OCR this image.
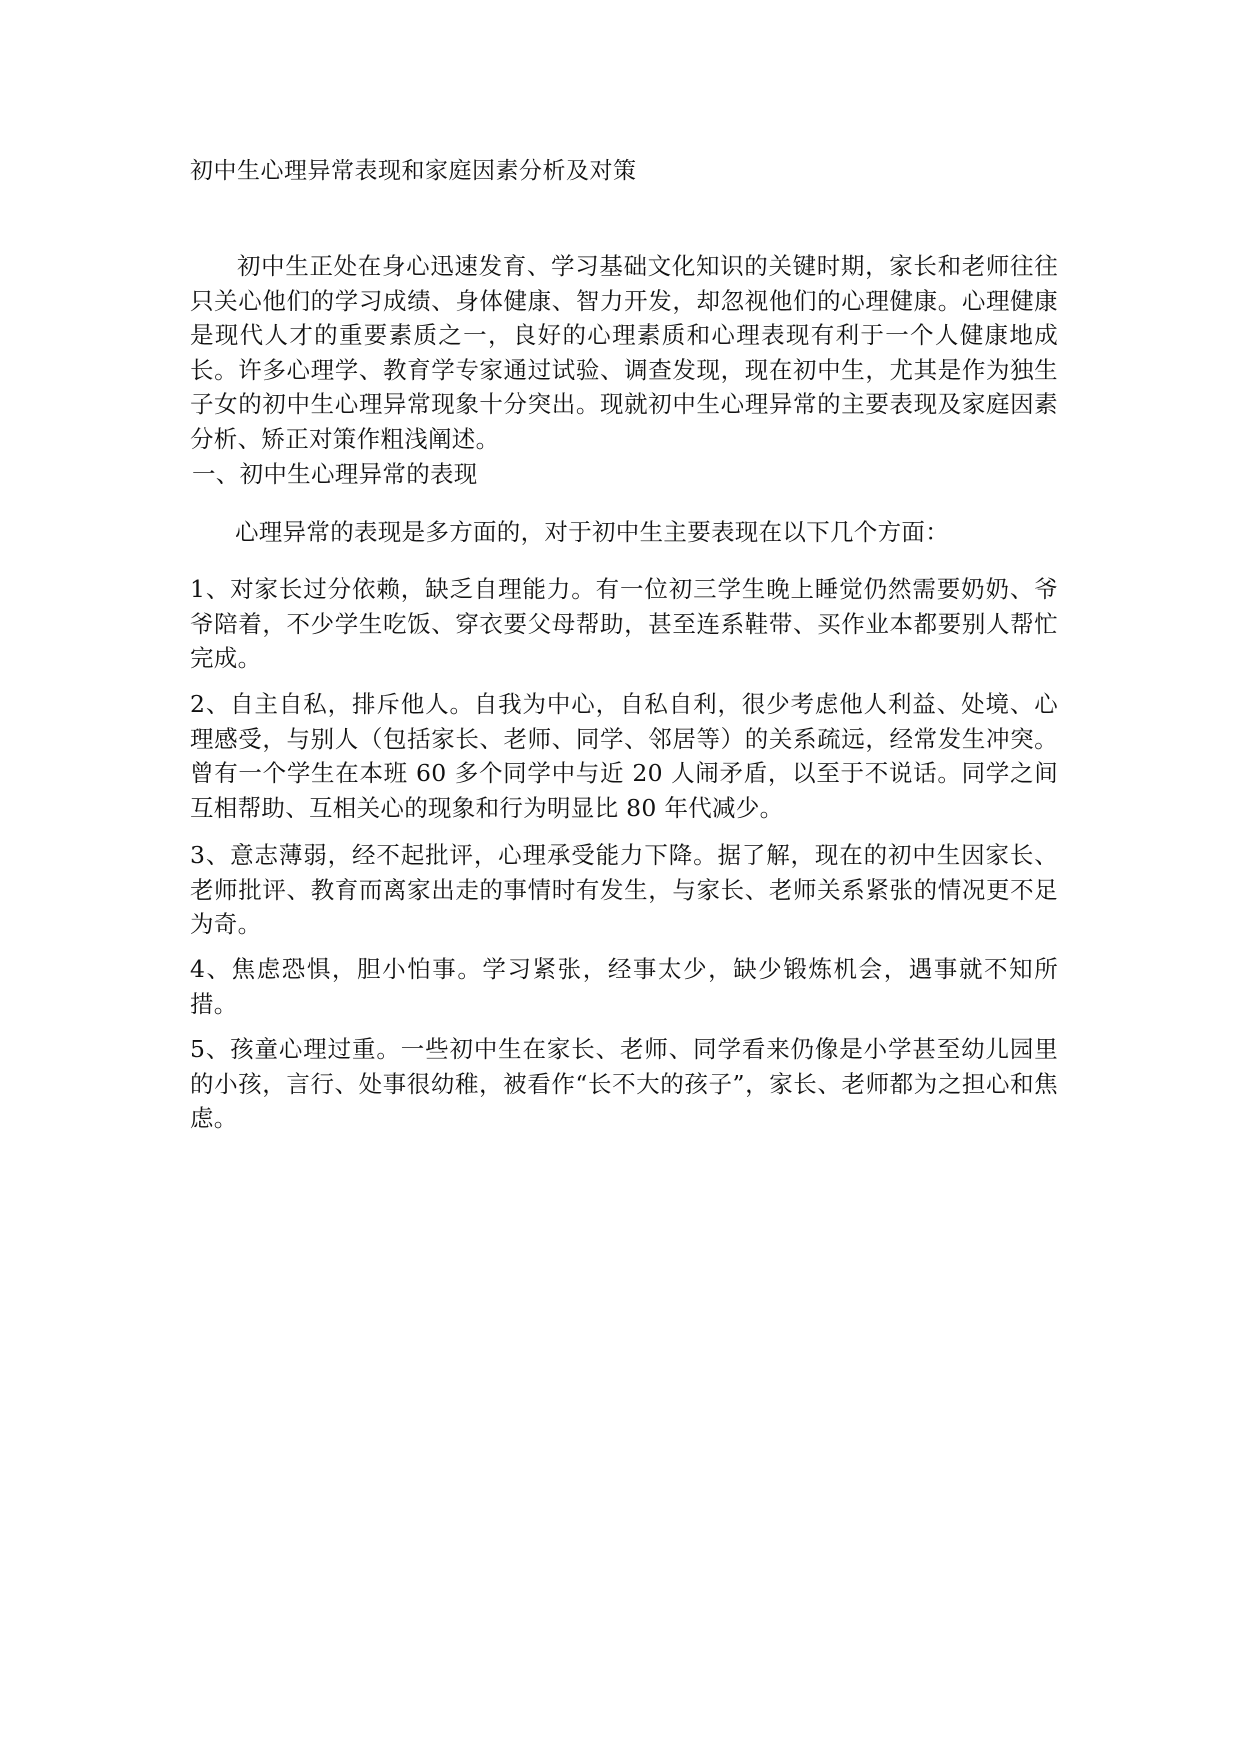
初中生心理异常表现和家庭因素分析及对策

初中生正处在身心迅速发育、学习基础文化知识的关键时期，家长和老师往往只关心他们的学习成绩、身体健康、智力开发，却忽视他们的心理健康。心理健康是现代人才的重要素质之一，良好的心理素质和心理表现有利于一个人健康地成长。许多心理学、教育学专家通过试验、调查发现，现在初中生，尤其是作为独生子女的初中生心理异常现象十分突出。现就初中生心理异常的主要表现及家庭因素分析、矫正对策作粗浅阐述。

一、初中生心理异常的表现

心理异常的表现是多方面的，对于初中生主要表现在以下几个方面：

1、对家长过分依赖，缺乏自理能力。有一位初三学生晚上睡觉仍然需要奶奶、爷爷陪着，不少学生吃饭、穿衣要父母帮助，甚至连系鞋带、买作业本都要别人帮忙完成。

2、自主自私，排斥他人。自我为中心，自私自利，很少考虑他人利益、处境、心理感受，与别人（包括家长、老师、同学、邻居等）的关系疏远，经常发生冲突。曾有一个学生在本班 60 多个同学中与近 20 人闹矛盾，以至于不说话。同学之间互相帮助、互相关心的现象和行为明显比 80 年代减少。

3、意志薄弱，经不起批评，心理承受能力下降。据了解，现在的初中生因家长、老师批评、教育而离家出走的事情时有发生，与家长、老师关系紧张的情况更不足为奇。

4、焦虑恐惧，胆小怕事。学习紧张，经事太少，缺少锻炼机会，遇事就不知所措。

5、孩童心理过重。一些初中生在家长、老师、同学看来仍像是小学甚至幼儿园里的小孩，言行、处事很幼稚，被看作“长不大的孩子”，家长、老师都为之担心和焦虑。
